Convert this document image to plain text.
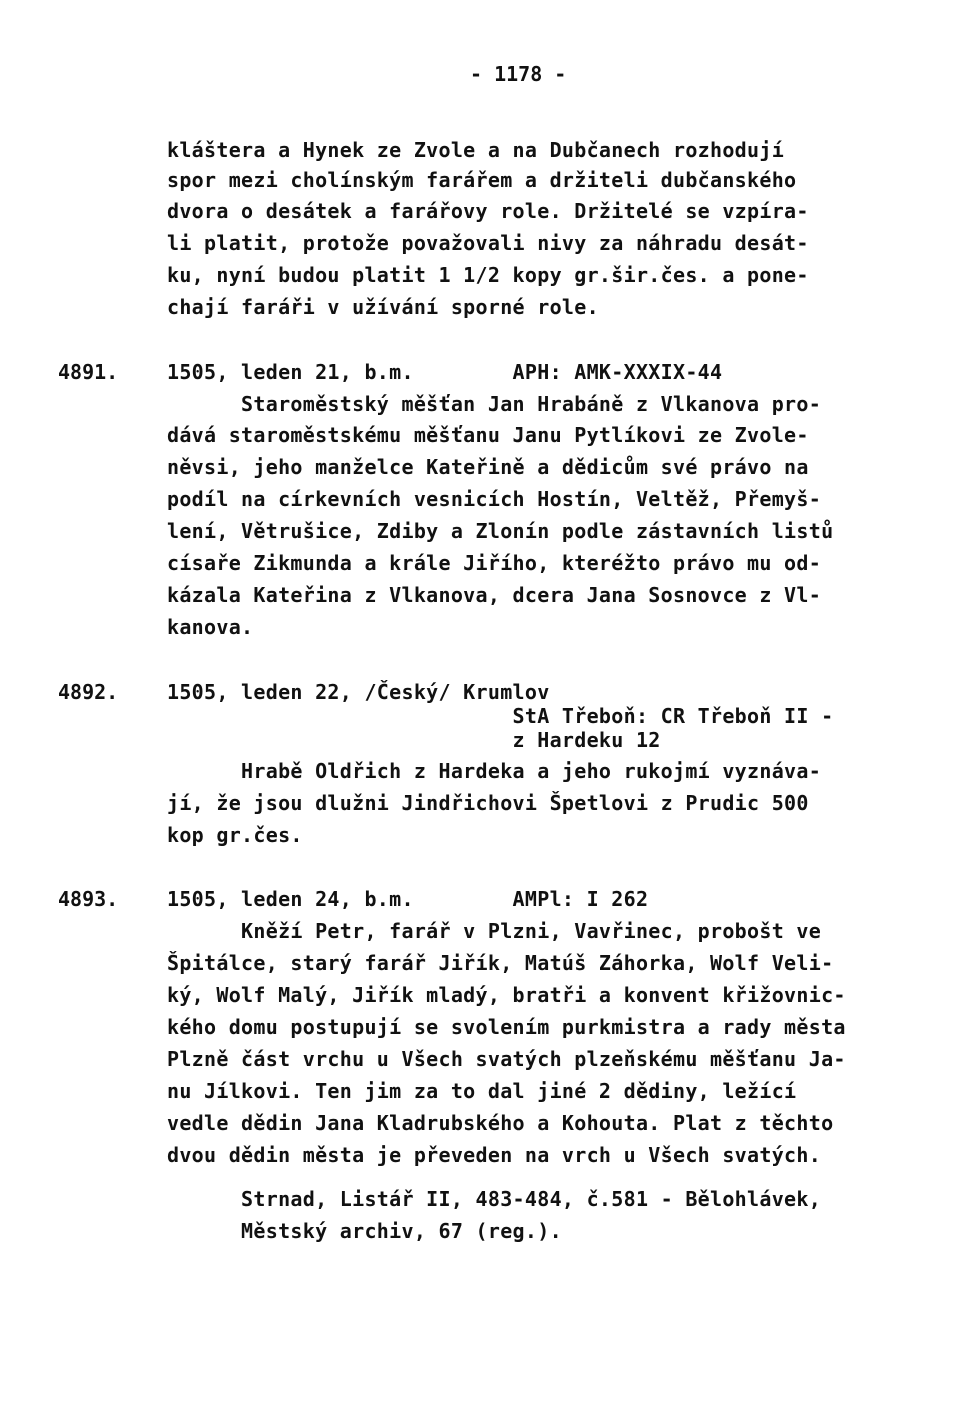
- 1178 -
kláštera a Hynek ze Zvole a na Dubčanech rozhodují
spor mezi cholínským farářem a držiteli dubčanského
dvora o desátek a farářovy role. Držitelé se vzpíra-
li platit, protože považovali nivy za náhradu desát-
ku, nyní budou platit 1 1/2 kopy gr.šir.čes. a pone-
chají faráři v užívání sporné role.
4891. 1505, leden 21, b.m.        APH: AMK-XXXIX-44
Staroměstský měšťan Jan Hrabáně z Vlkanova pro-
dává staroměstskému měšťanu Janu Pytlíkovi ze Zvole-
něvsi, jeho manželce Kateřině a dědicům své právo na
podíl na církevních vesnicích Hostín, Veltěž, Přemyš-
lení, Větrušice, Zdiby a Zlonín podle zástavních listů
císaře Zikmunda a krále Jiřího, kteréžto právo mu od-
kázala Kateřina z Vlkanova, dcera Jana Sosnovce z Vl-
kanova.
4892. 1505, leden 22, /Český/ Krumlov
StA Třeboň: CR Třeboň II -
z Hardeku 12
Hrabě Oldřich z Hardeka a jeho rukojmí vyznáva-
jí, že jsou dlužni Jindřichovi Špetlovi z Prudic 500
kop gr.čes.
4893. 1505, leden 24, b.m.        AMPl: I 262
Kněží Petr, farář v Plzni, Vavřinec, probošt ve
Špitálce, starý farář Jiřík, Matúš Záhorka, Wolf Veli-
ký, Wolf Malý, Jiřík mladý, bratři a konvent křižovnic-
kého domu postupují se svolením purkmistra a rady města
Plzně část vrchu u Všech svatých plzeňskému měšťanu Ja-
nu Jílkovi. Ten jim za to dal jiné 2 dědiny, ležící
vedle dědin Jana Kladrubského a Kohouta. Plat z těchto
dvou dědin města je převeden na vrch u Všech svatých.
Strnad, Listář II, 483-484, č.581 - Bělohlávek,
Městský archiv, 67 (reg.).
